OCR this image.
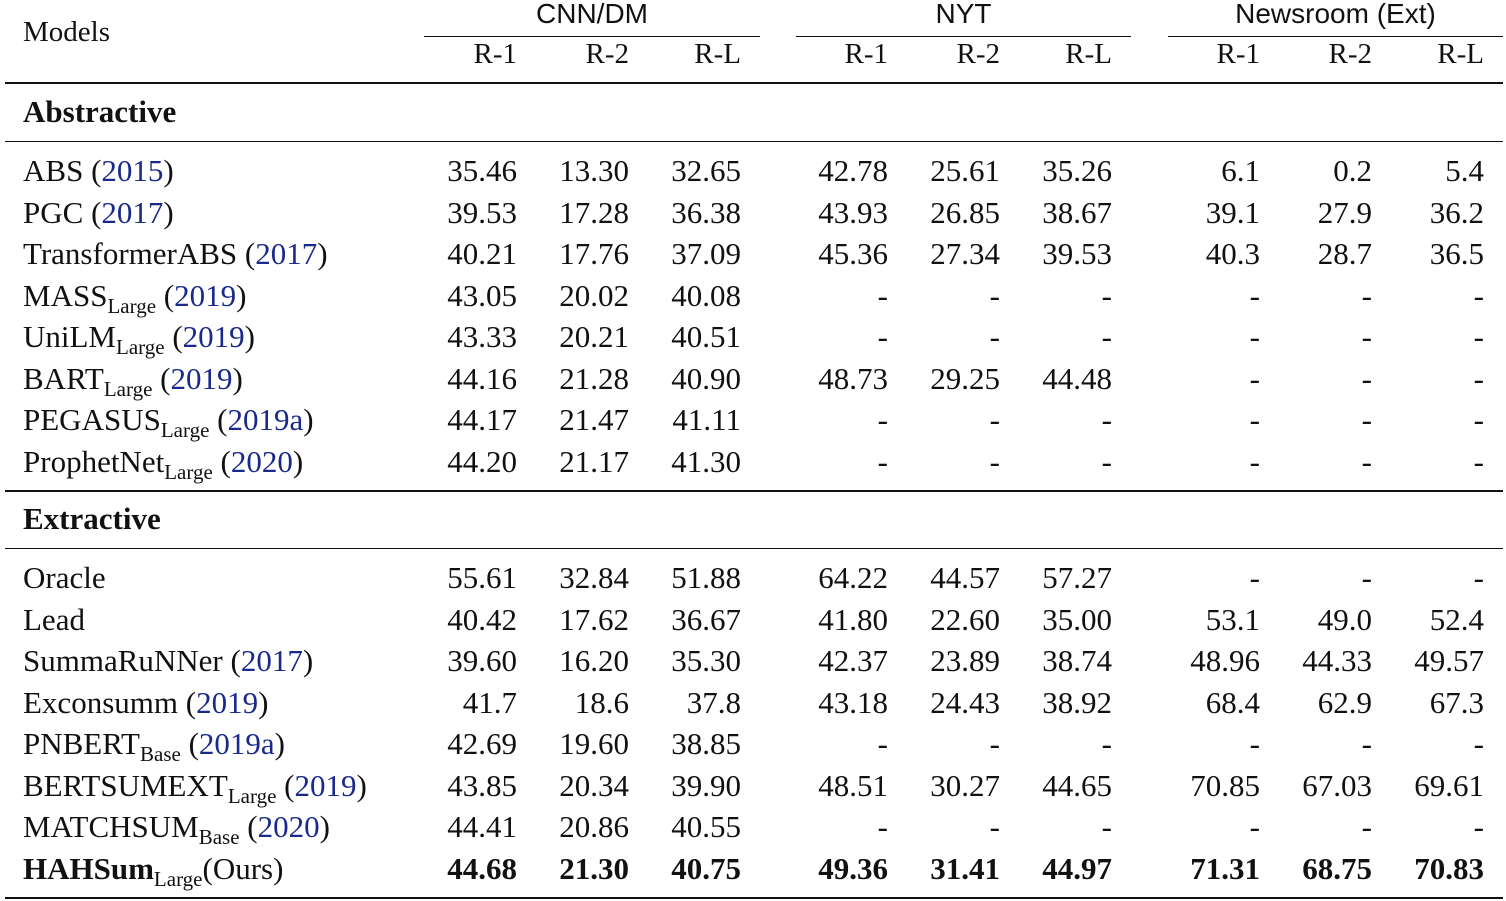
Models
CNN/DM	NYT	Newsroom (Ext)
R-1	R-2	R-L	R-1	R-2	R-L	R-1	R-2	R-L
Abstractive
ABS (2015)	35.46	13.30	32.65	42.78	25.61	35.26	6.1	0.2	5.4
PGC (2017)	39.53	17.28	36.38	43.93	26.85	38.67	39.1	27.9	36.2
TransformerABS (2017)	40.21	17.76	37.09	45.36	27.34	39.53	40.3	28.7	36.5
$MASS_{Large}$ (2019)	43.05	20.02	40.08	-	-	-	-	-	-
UniLM$_{Large}$ (2019)	43.33	20.21	40.51	-	-	-	-	-	-
$BART_{Large}$ (2019)	44.16	21.28	40.90	48.73	29.25	44.48	-	-	-
$PEGASUS_{Large}$ (2019a)	44.17	21.47	41.11	-	-	-	-	-	-
ProphetNet$_{Large}$ (2020)	44.20	21.17	41.30	-	-	-	-	-	-
Extractive
Oracle	55.61	32.84	51.88	64.22	44.57	57.27	-	-	-
Lead	40.42	17.62	36.67	41.80	22.60	35.00	53.1	49.0	52.4
SummaRuNNer (2017)	39.60	16.20	35.30	42.37	23.89	38.74	48.96	44.33	49.57
Exconsumm (2019)	41.7	18.6	37.8	43.18	24.43	38.92	68.4	62.9	67.3
$PNBERT_{Base}$ (2019a)	42.69	19.60	38.85	-	-	-	-	-	-
$BERTSUMEXT_{Large}$ (2019)	43.85	20.34	39.90	48.51	30.27	44.65	70.85	67.03	69.61
$MATCHSUM_{Base}$ (2020)	44.41	20.86	40.55	-	-	-	-	-	-
HAHSum$_{Large}$(Ours)	44.68	21.30	40.75	49.36	31.41	44.97	71.31	68.75	70.83
